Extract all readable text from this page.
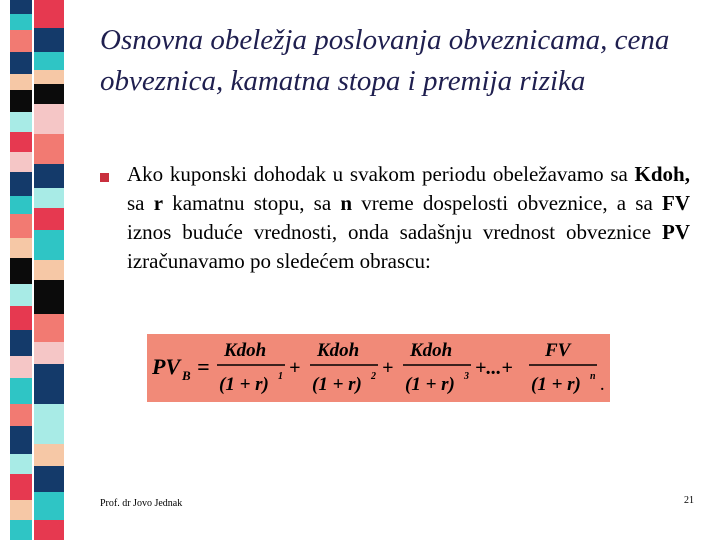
Osnovna obeležja poslovanja obveznicama, cena obveznica, kamatna stopa i premija rizika
Ako kuponski dohodak u svakom periodu obeležavamo sa Kdoh, sa r kamatnu stopu, sa n vreme dospelosti obveznice, a sa FV iznos buduće vrednosti, onda sadašnju vrednost obveznice PV izračunavamo po sledećem obrascu:
PV B =
Kdoh
(1 + r) 1 +
Kdoh
(1 + r) 2 +
Kdoh
(1 + r) 3 +...+
FV
(1 + r) n
.
Prof. dr Jovo Jednak	21
